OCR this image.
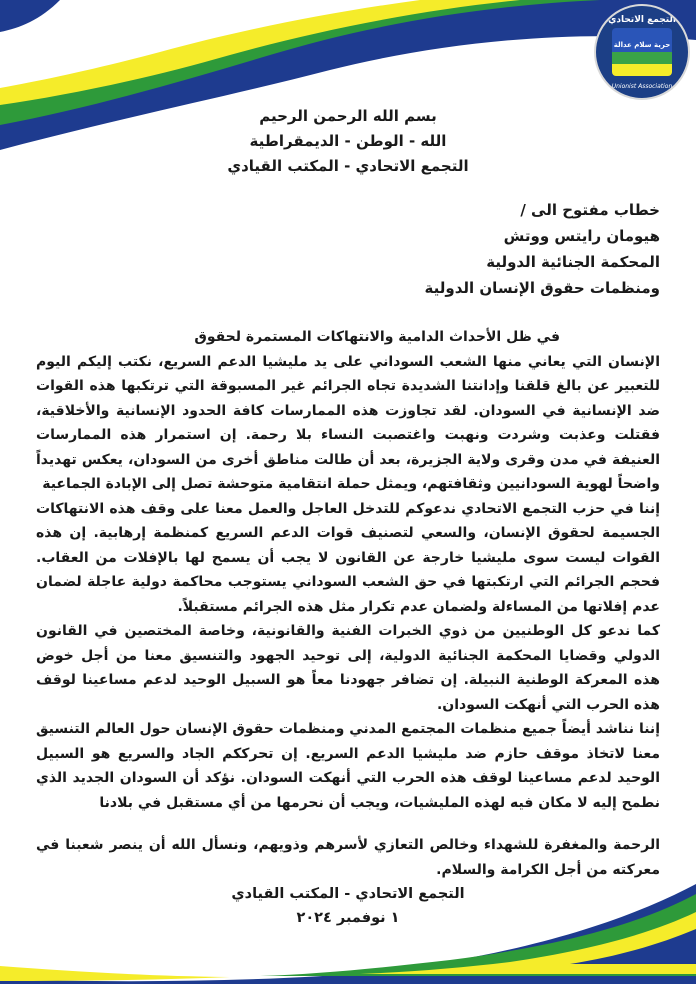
التجمع الاتحادي
حرية سلام عدالة
Unionist Association
بسم الله الرحمن الرحيم
الله - الوطن - الديمقراطية
التجمع الاتحادي - المكتب القيادي
خطاب مفتوح الى /
هيومان رايتس ووتش
المحكمة الجنائية الدولية
ومنظمات حقوق الإنسان الدولية
في ظل الأحداث الدامية والانتهاكات المستمرة لحقوق
الإنسان التي يعاني منها الشعب السوداني على يد مليشيا الدعم السريع، نكتب إليكم اليوم للتعبير عن بالغ قلقنا وإدانتنا الشديدة تجاه الجرائم غير المسبوقة التي ترتكبها هذه القوات ضد الإنسانية في السودان. لقد تجاوزت هذه الممارسات كافة الحدود الإنسانية والأخلاقية، فقتلت وعذبت وشردت ونهبت واغتصبت النساء بلا رحمة. إن استمرار هذه الممارسات العنيفة في مدن وقرى ولاية الجزيرة، بعد أن طالت مناطق أخرى من السودان، يعكس تهديداً واضحاً لهوية السودانيين وثقافتهم، ويمثل حملة انتقامية متوحشة تصل إلى الإبادة الجماعية
إننا في حزب التجمع الاتحادي ندعوكم للتدخل العاجل والعمل معنا على وقف هذه الانتهاكات الجسيمة لحقوق الإنسان، والسعي لتصنيف قوات الدعم السريع كمنظمة إرهابية. إن هذه القوات ليست سوى مليشيا خارجة عن القانون لا يجب أن يسمح لها بالإفلات من العقاب. فحجم الجرائم التي ارتكبتها في حق الشعب السوداني يستوجب محاكمة دولية عاجلة لضمان عدم إفلاتها من المساءلة ولضمان عدم تكرار مثل هذه الجرائم مستقبلاً.
كما ندعو كل الوطنيين من ذوي الخبرات الفنية والقانونية، وخاصة المختصين في القانون الدولي وقضايا المحكمة الجنائية الدولية، إلى توحيد الجهود والتنسيق معنا من أجل خوض هذه المعركة الوطنية النبيلة. إن تضافر جهودنا معاً هو السبيل الوحيد لدعم مساعينا لوقف هذه الحرب التي أنهكت السودان.
إننا نناشد أيضاً جميع منظمات المجتمع المدني ومنظمات حقوق الإنسان حول العالم التنسيق معنا لاتخاذ موقف حازم ضد مليشيا الدعم السريع. إن تحرككم الجاد والسريع هو السبيل الوحيد لدعم مساعينا لوقف هذه الحرب التي أنهكت السودان. نؤكد أن السودان الجديد الذي نطمح إليه لا مكان فيه لهذه المليشيات، ويجب أن نحرمها من أي مستقبل في بلادنا
الرحمة والمغفرة للشهداء وخالص التعازي لأسرهم وذويهم، ونسأل الله أن ينصر شعبنا في معركته من أجل الكرامة والسلام.
التجمع الاتحادي - المكتب القيادي
١ نوفمبر ٢٠٢٤
